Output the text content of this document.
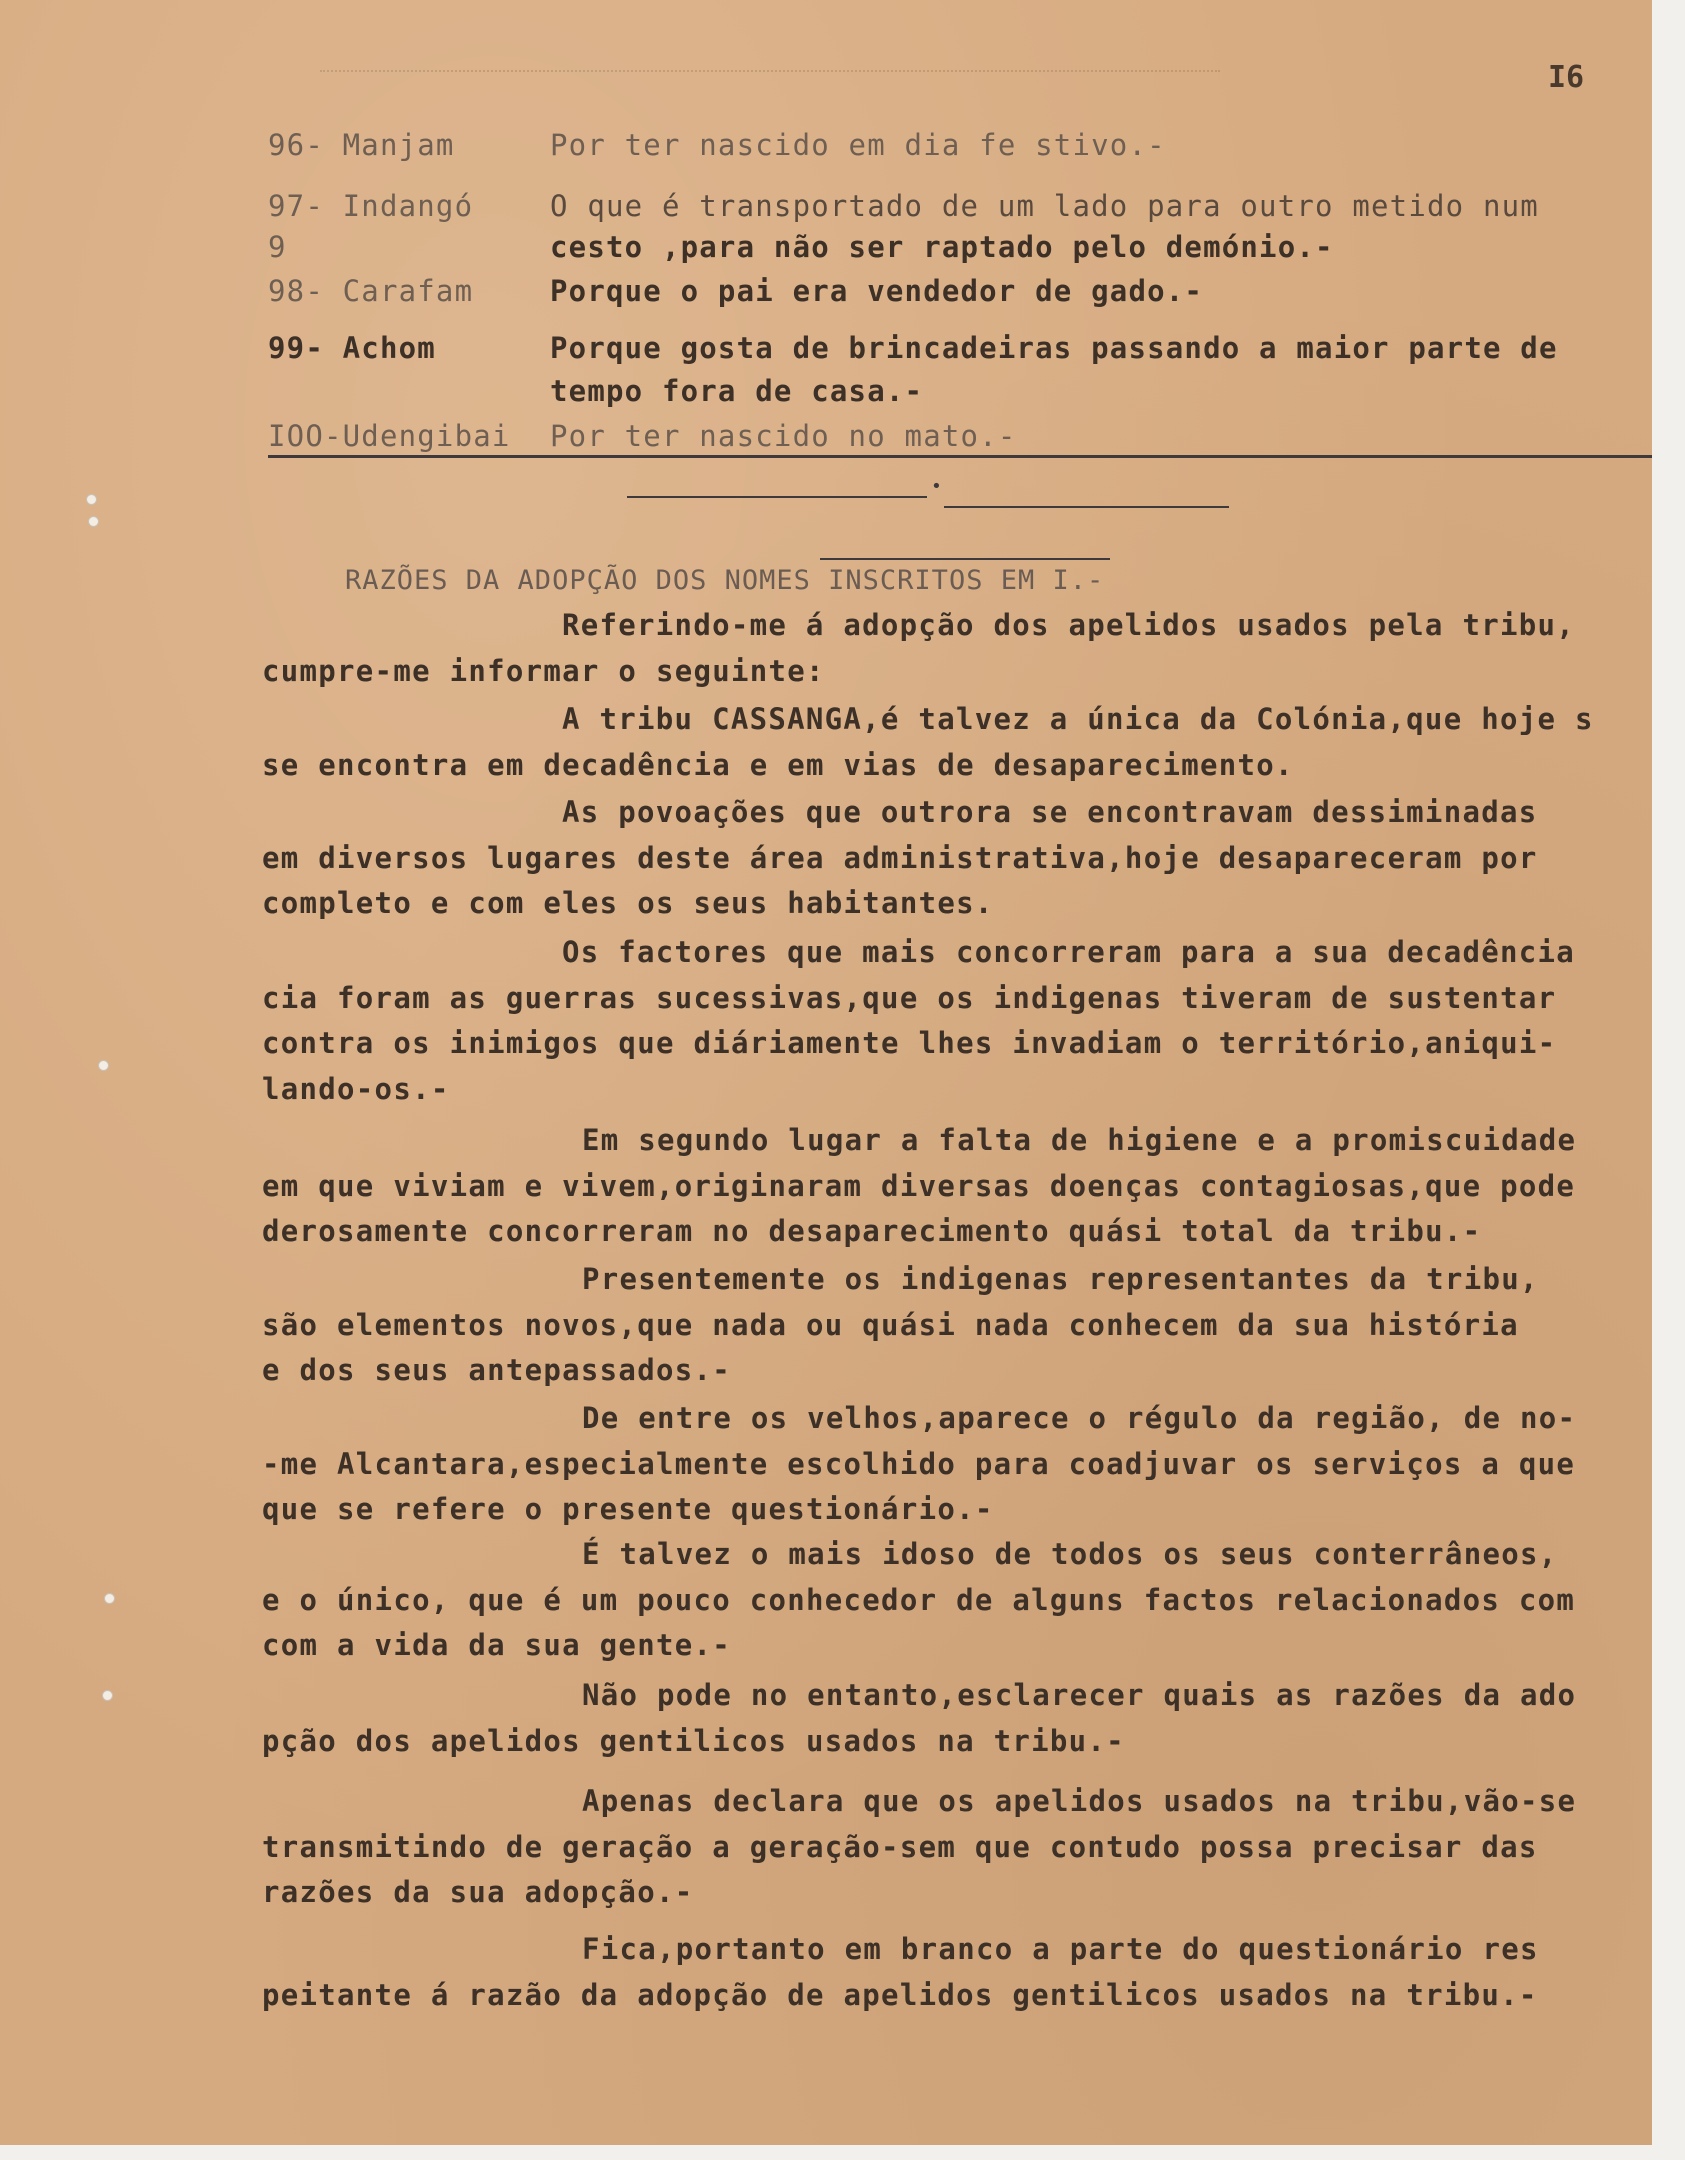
I6
96- Manjam	Por ter nascido em dia fe stivo.-
97- Indangó	O que é transportado de um lado para outro metido num
9	cesto ,para não ser raptado pelo demónio.-
98- Carafam	Porque o pai era vendedor de gado.-
99- Achom	Porque gosta de brincadeiras passando a maior parte de
tempo fora de casa.-
IOO-Udengibai	Por ter nascido no mato.-
•
RAZÕES DA ADOPÇÃO DOS NOMES INSCRITOS EM I.-
Referindo-me á adopção dos apelidos usados pela tribu,
cumpre-me informar o seguinte:
A tribu CASSANGA,é talvez a única da Colónia,que hoje s
se encontra em decadência e em vias de desaparecimento.
As povoações que outrora se encontravam dessiminadas
em diversos lugares deste área administrativa,hoje desapareceram por
completo e com eles os seus habitantes.
Os factores que mais concorreram para a sua decadência
cia foram as guerras sucessivas,que os indigenas tiveram de sustentar
contra os inimigos que diáriamente lhes invadiam o território,aniqui-
lando-os.-
Em segundo lugar a falta de higiene e a promiscuidade
em que viviam e vivem,originaram diversas doenças contagiosas,que pode
derosamente concorreram no desaparecimento quási total da tribu.-
Presentemente os indigenas representantes da tribu,
são elementos novos,que nada ou quási nada conhecem da sua história
e dos seus antepassados.-
De entre os velhos,aparece o régulo da região, de no-
-me Alcantara,especialmente escolhido para coadjuvar os serviços a que
que se refere o presente questionário.-
É talvez o mais idoso de todos os seus conterrâneos,
e o único, que é um pouco conhecedor de alguns factos relacionados com
com a vida da sua gente.-
Não pode no entanto,esclarecer quais as razões da ado
pção dos apelidos gentilicos usados na tribu.-
Apenas declara que os apelidos usados na tribu,vão-se
transmitindo de geração a geração-sem que contudo possa precisar das
razões da sua adopção.-
Fica,portanto em branco a parte do questionário res
peitante á razão da adopção de apelidos gentilicos usados na tribu.-
